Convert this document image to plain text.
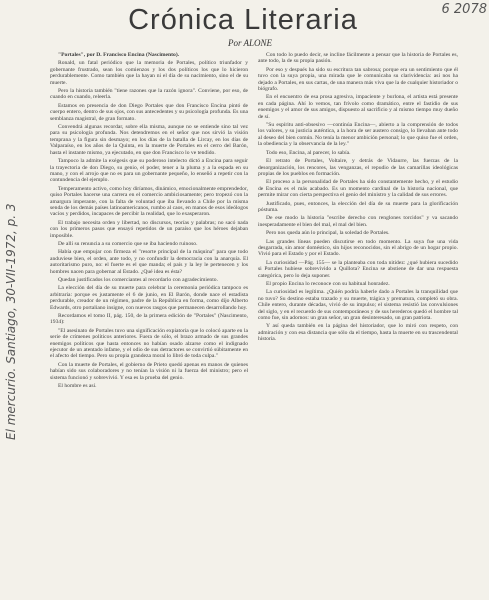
Crónica Literaria
Por ALONE
El mercurio. Santiago, 30-VII-1972, p. 3
6 2078

"Portales", por D. Francisco Encina (Nascimento).

Ronald, un fatal periódico que la memoria de Portales, político triunfador y gobernante frustrado, sean los comienzos y los dos políticos los que lo hicieron perdurablemente. Como también que la hayan ni el día de su nacimiento, sino el de su muerte.

Pero la historia también "tiene razones que la razón ignora". Conviene, por eso, de cuando en cuando, releerla.

Estamos en presencia de don Diego Portales que don Francisco Encina pintó de cuerpo entero, dentro de sus ojos, con sus antecedentes y su psicología profunda. Es una semblanza magistral, de gran formato.

Convendrá algunas recordar, sobre ella misma, aunque no se entiende sino tal vez para su psicología profunda. Nos detendremos en el señor que nos sirvió la visión temprana y la figura sin desmayo; en los días de la batalla de Lircay, en los días de Valparaíso, en los años de la Quinta, en la muerte de Portales en el cerro del Barón, hasta el instante mismo, ya ejecutado, en que don Francisco lo ve tendido.

Tampoco la admite la exégesis que su poderoso intelecto dictó a Encina para seguir la trayectoria de don Diego, su genio, el poder, tener a la pluma y a la espada en su mano, y con el arrojo que no es para un gobernante pequeño, lo enseñó a repetir con la contundencia del ejemplo.

Temperamento activo, como hoy diríamos, dinámico, emocionalmente emprendedor, quiso Portales hacerse una carrera en el comercio ambiciosamente; pero tropezó con la amargura imperante, con la falta de voluntad que iba llevando a Chile por la misma senda de los demás países latinoamericanos, rumbo al caos, en manos de esos ideólogos vacíos y perdidos, incapaces de percibir la realidad, que lo exasperaron.

El trabajo necesita orden y libertad, no discursos, teorías y palabras; no sacó nada con los primeros pasos que ensayó repetidos de un paraíso que los héroes dejaban imposible.

De allí su renuncia a su comercio que se iba haciendo ruinoso.

Había que empujar con firmeza el "resorte principal de la máquina" para que todo anduviese bien, el orden, ante todo, y no confundir la democracia con la anarquía. El autoritarismo puro, no: el fuerte es el que manda; el país y la ley le pertenecen y los hombres nacen para gobernar al Estado. ¿Qué idea es ésta?

Quedan justificados los comerciantes al recordarlo con agradecimiento.

La elección del día de su muerte para celebrar la ceremonia periódica tampoco es arbitraria: porque es justamente el 6 de junio, en El Barón, donde nace el estadista perdurable, creador de un régimen, padre de la República en forma, como dijo Alberto Edwards, otro portaliano insigne, con nuevos rasgos que permanecen desarrollando hoy.

Recordamos el tomo II, pág. 150, de la primera edición de "Portales" (Nascimento, 1934):

"El asesinato de Portales tuvo una significación expiatoria que lo colocó aparte en la serie de crímenes políticos anteriores. Fuera de sólo, el brazo armado de sus grandes enemigos políticos que hasta entonces no habían osado alzarse como el indignado ejecutor de un atentado infame, y el odio de sus detractores se convirtió súbitamente en el afecto del tiempo. Pero su propia grandeza moral lo libró de toda culpa."

Con la muerte de Portales, el gobierno de Prieto quedó apenas en manos de quienes habían sido sus colaboradores y no tenían la visión ni la fuerza del ministro; pero el sistema funcionó y sobrevivió. Y esa es la prueba del genio.

El hombre es así.

Con todo lo puedo decir, se incline fácilmente a pensar que la historia de Portales es, ante todo, la de su propia pasión.

Por eso y después ha sido su escritura tan sabrosa; porque era un sentimiento que él tuvo con la suya propia, una mirada que le comunicaba su clarividencia: así nos ha dejado a Portales, en sus cartas, de una manera más viva que la de cualquier historiador o biógrafo.

En el encuentro de esa prosa agresiva, impaciente y burlona, el artista está presente en cada página. Ahí lo vemos, tan frívolo como dramático, entre el fastidio de sus enemigos y el amor de sus amigos, dispuesto al sacrificio y al mismo tiempo muy dueño de sí.

"Su espíritu anti-obsesivo —continúa Encina—, abierto a la comprensión de todos los valores, y su justicia auténtica, a la hora de ser austero consigo, lo llevaban ante todo al deseo del bien común. No tenía la menor ambición personal; lo que quiso fue el orden, la obediencia y la observancia de la ley."

Todo eso, Encina, al parecer, lo sabía.

El retrato de Portales, Voltaire, y detrás de Vidaurre, las fuerzas de la desorganización, los rencores, las venganzas, el repudio de las camarillas ideológicas propias de los pueblos en formación.

El proceso a la personalidad de Portales ha sido constantemente hecho, y el estudio de Encina es el más acabado. Es un momento cardinal de la historia nacional, que permite mirar con cierta perspectiva el genio del ministro y la calidad de sus errores.

Justificado, pues, entonces, la elección del día de su muerte para la glorificación póstuma.

De ese modo la historia "escribe derecho con renglones torcidos" y va sacando inesperadamente el bien del mal, el mal del bien.

Pero nos queda aún lo principal, la soledad de Portales.

Las grandes líneas pueden discutirse en todo momento. La suya fue una vida desgarrada, sin amor doméstico, sin hijos reconocidos, sin el abrigo de un hogar propio. Vivió para el Estado y por el Estado.

La curiosidad —Pág. 155— se la planteaba con toda nitidez: ¿qué hubiera sucedido si Portales hubiese sobrevivido a Quillota? Encina se abstiene de dar una respuesta categórica, pero lo deja suponer.

El propio Encina lo reconoce con su habitual honradez.

La curiosidad es legítima. ¿Quién podría haberle dado a Portales la tranquilidad que no tuvo? Su destino estaba trazado y su muerte, trágica y prematura, completó su obra. Chile entero, durante décadas, vivió de su impulso; el sistema resistió las convulsiones del siglo, y en el recuerdo de sus contemporáneos y de sus herederos quedó el hombre tal como fue, sin adornos: un gran señor, un gran desinteresado, un gran patriota.

Y así queda también en la página del historiador, que lo miró con respeto, con admiración y con esa distancia que sólo da el tiempo, hasta la muerte en su trascendental historia.
